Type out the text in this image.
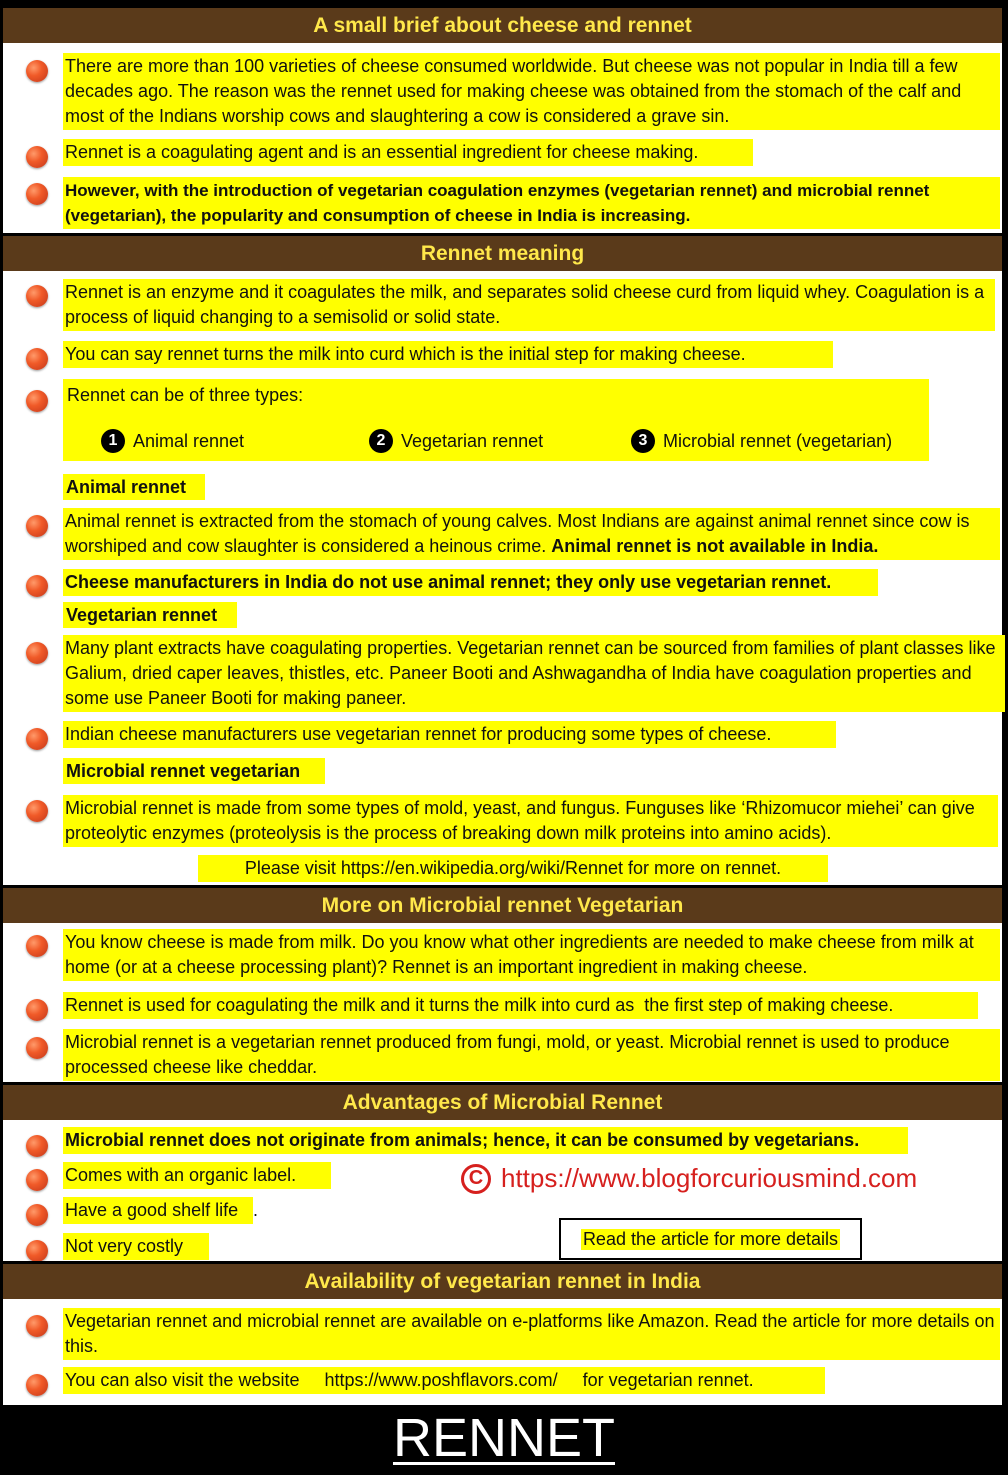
A small brief about cheese and rennet
There are more than 100 varieties of cheese consumed worldwide. But cheese was not popular in India till a few decades ago. The reason was the rennet used for making cheese was obtained from the stomach of the calf and most of the Indians worship cows and slaughtering a cow is considered a grave sin.
Rennet is a coagulating agent and is an essential ingredient for cheese making.
However, with the introduction of vegetarian coagulation enzymes (vegetarian rennet) and microbial rennet (vegetarian), the popularity and consumption of cheese in India is increasing.
Rennet meaning
Rennet is an enzyme and it coagulates the milk, and separates solid cheese curd from liquid whey. Coagulation is a process of liquid changing to a semisolid or solid state.
You can say rennet turns the milk into curd which is the initial step for making cheese.

Rennet can be of three types:

1 Animal rennet	2 Vegetarian rennet	3 Microbial rennet (vegetarian)
Animal rennet
Animal rennet is extracted from the stomach of young calves. Most Indians are against animal rennet since cow is worshiped and cow slaughter is considered a heinous crime. Animal rennet is not available in India.
Cheese manufacturers in India do not use animal rennet; they only use vegetarian rennet.
Vegetarian rennet
Many plant extracts have coagulating properties. Vegetarian rennet can be sourced from families of plant classes like Galium, dried caper leaves, thistles, etc. Paneer Booti and Ashwagandha of India have coagulation properties and some use Paneer Booti for making paneer.
Indian cheese manufacturers use vegetarian rennet for producing some types of cheese.
Microbial rennet vegetarian
Microbial rennet is made from some types of mold, yeast, and fungus. Funguses like ‘Rhizomucor miehei’ can give proteolytic enzymes (proteolysis is the process of breaking down milk proteins into amino acids).
Please visit https://en.wikipedia.org/wiki/Rennet for more on rennet.
More on Microbial rennet Vegetarian
You know cheese is made from milk. Do you know what other ingredients are needed to make cheese from milk at home (or at a cheese processing plant)? Rennet is an important ingredient in making cheese.
Rennet is used for coagulating the milk and it turns the milk into curd as  the first step of making cheese.
Microbial rennet is a vegetarian rennet produced from fungi, mold, or yeast. Microbial rennet is used to produce processed cheese like cheddar.
Advantages of Microbial Rennet
Microbial rennet does not originate from animals; hence, it can be consumed by vegetarians.
Comes with an organic label.
Have a good shelf life .
Not very costly
C https://www.blogforcuriousmind.com
Read the article for more details
Availability of vegetarian rennet in India
Vegetarian rennet and microbial rennet are available on e-platforms like Amazon. Read the article for more details on this.
You can also visit the website     https://www.poshflavors.com/     for vegetarian rennet.
RENNET
